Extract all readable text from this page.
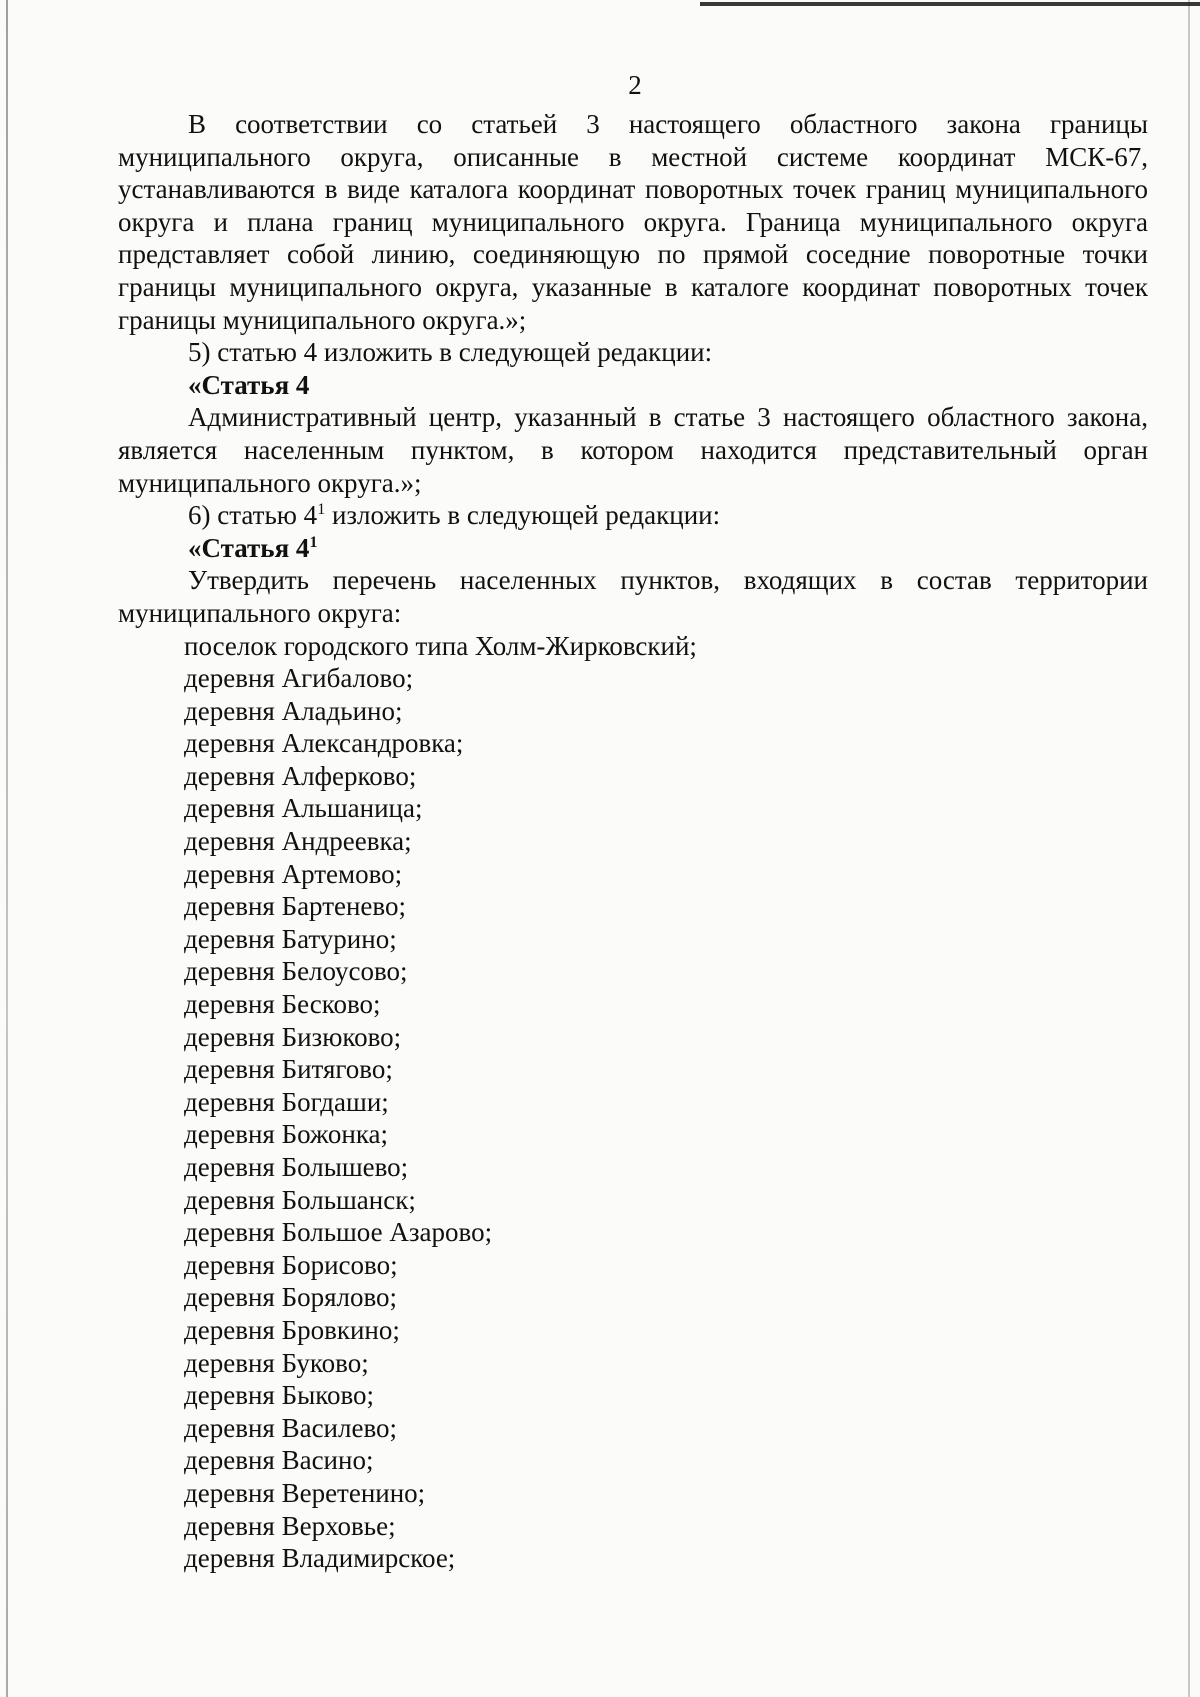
2

В соответствии со статьей 3 настоящего областного закона границы муниципального округа, описанные в местной системе координат МСК-67, устанавливаются в виде каталога координат поворотных точек границ муниципального округа и плана границ муниципального округа. Граница муниципального округа представляет собой линию, соединяющую по прямой соседние поворотные точки границы муниципального округа, указанные в каталоге координат поворотных точек границы муниципального округа.»;

5) статью 4 изложить в следующей редакции:

«Статья 4

Административный центр, указанный в статье 3 настоящего областного закона, является населенным пунктом, в котором находится представительный орган муниципального округа.»;

6) статью $4^1$ изложить в следующей редакции:

«Статья $4^1$

Утвердить перечень населенных пунктов, входящих в состав территории муниципального округа:

поселок городского типа Холм-Жирковский;
деревня Агибалово;
деревня Аладьино;
деревня Александровка;
деревня Алферково;
деревня Альшаница;
деревня Андреевка;
деревня Артемово;
деревня Бартенево;
деревня Батурино;
деревня Белоусово;
деревня Бесково;
деревня Бизюково;
деревня Битягово;
деревня Богдаши;
деревня Божонка;
деревня Болышево;
деревня Большанск;
деревня Большое Азарово;
деревня Борисово;
деревня Борялово;
деревня Бровкино;
деревня Буково;
деревня Быково;
деревня Василево;
деревня Васино;
деревня Веретенино;
деревня Верховье;
деревня Владимирское;
